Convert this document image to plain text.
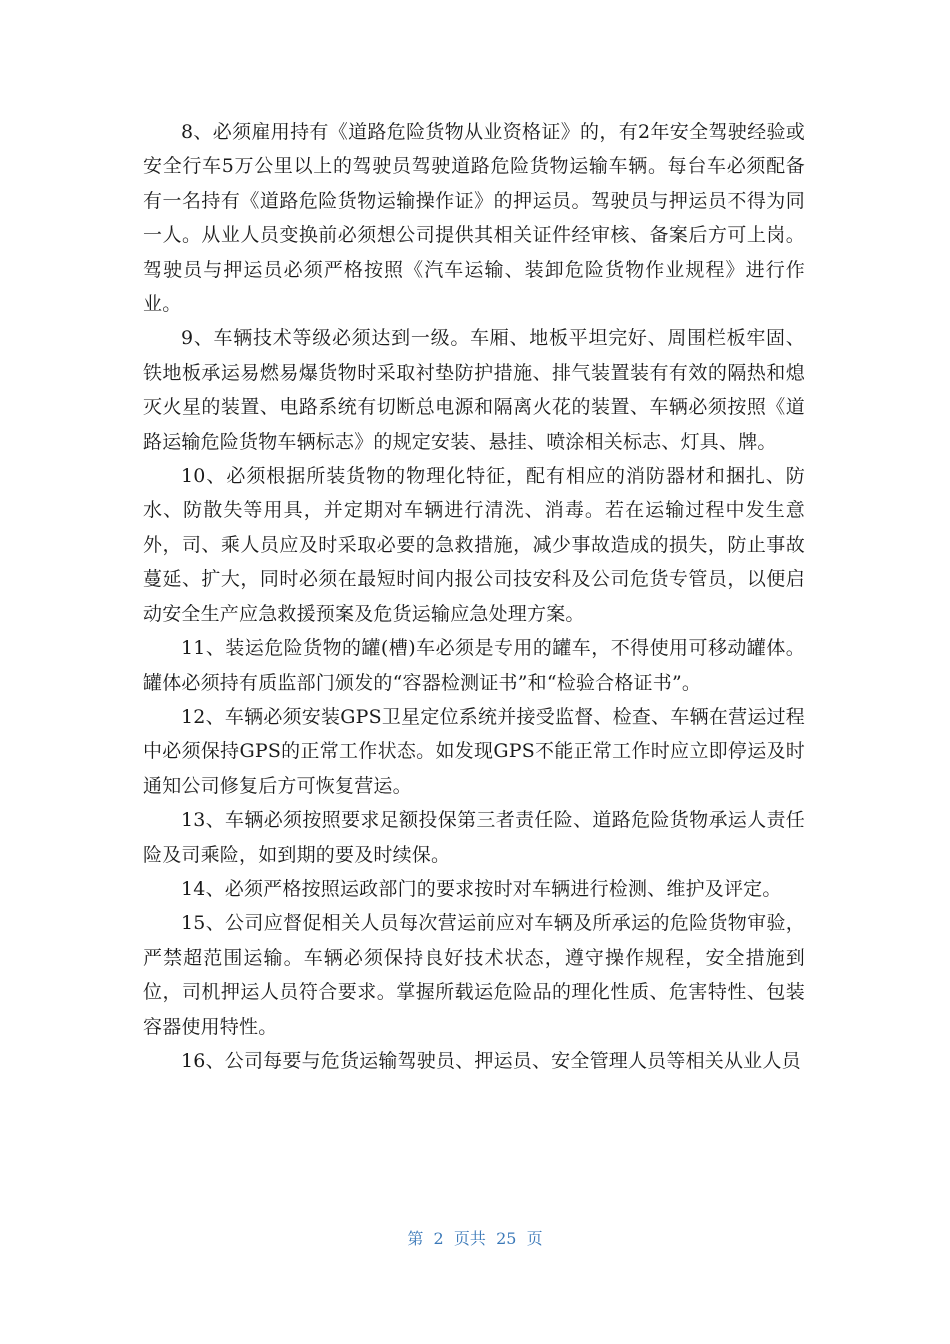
8、必须雇用持有《道路危险货物从业资格证》的，有2年安全驾驶经验或安全行车5万公里以上的驾驶员驾驶道路危险货物运输车辆。每台车必须配备有一名持有《道路危险货物运输操作证》的押运员。驾驶员与押运员不得为同一人。从业人员变换前必须想公司提供其相关证件经审核、备案后方可上岗。驾驶员与押运员必须严格按照《汽车运输、装卸危险货物作业规程》进行作业。

9、车辆技术等级必须达到一级。车厢、地板平坦完好、周围栏板牢固、铁地板承运易燃易爆货物时采取衬垫防护措施、排气装置装有有效的隔热和熄灭火星的装置、电路系统有切断总电源和隔离火花的装置、车辆必须按照《道路运输危险货物车辆标志》的规定安装、悬挂、喷涂相关标志、灯具、牌。

10、必须根据所装货物的物理化特征，配有相应的消防器材和捆扎、防水、防散失等用具，并定期对车辆进行清洗、消毒。若在运输过程中发生意外，司、乘人员应及时采取必要的急救措施，减少事故造成的损失，防止事故蔓延、扩大，同时必须在最短时间内报公司技安科及公司危货专管员，以便启动安全生产应急救援预案及危货运输应急处理方案。

11、装运危险货物的罐(槽)车必须是专用的罐车，不得使用可移动罐体。罐体必须持有质监部门颁发的“容器检测证书”和“检验合格证书”。

12、车辆必须安装GPS卫星定位系统并接受监督、检查、车辆在营运过程中必须保持GPS的正常工作状态。如发现GPS不能正常工作时应立即停运及时通知公司修复后方可恢复营运。

13、车辆必须按照要求足额投保第三者责任险、道路危险货物承运人责任险及司乘险，如到期的要及时续保。

14、必须严格按照运政部门的要求按时对车辆进行检测、维护及评定。

15、公司应督促相关人员每次营运前应对车辆及所承运的危险货物审验，严禁超范围运输。车辆必须保持良好技术状态，遵守操作规程，安全措施到位，司机押运人员符合要求。掌握所载运危险品的理化性质、危害特性、包装容器使用特性。

16、公司每要与危货运输驾驶员、押运员、安全管理人员等相关从业人员

第  2  页共  25  页
